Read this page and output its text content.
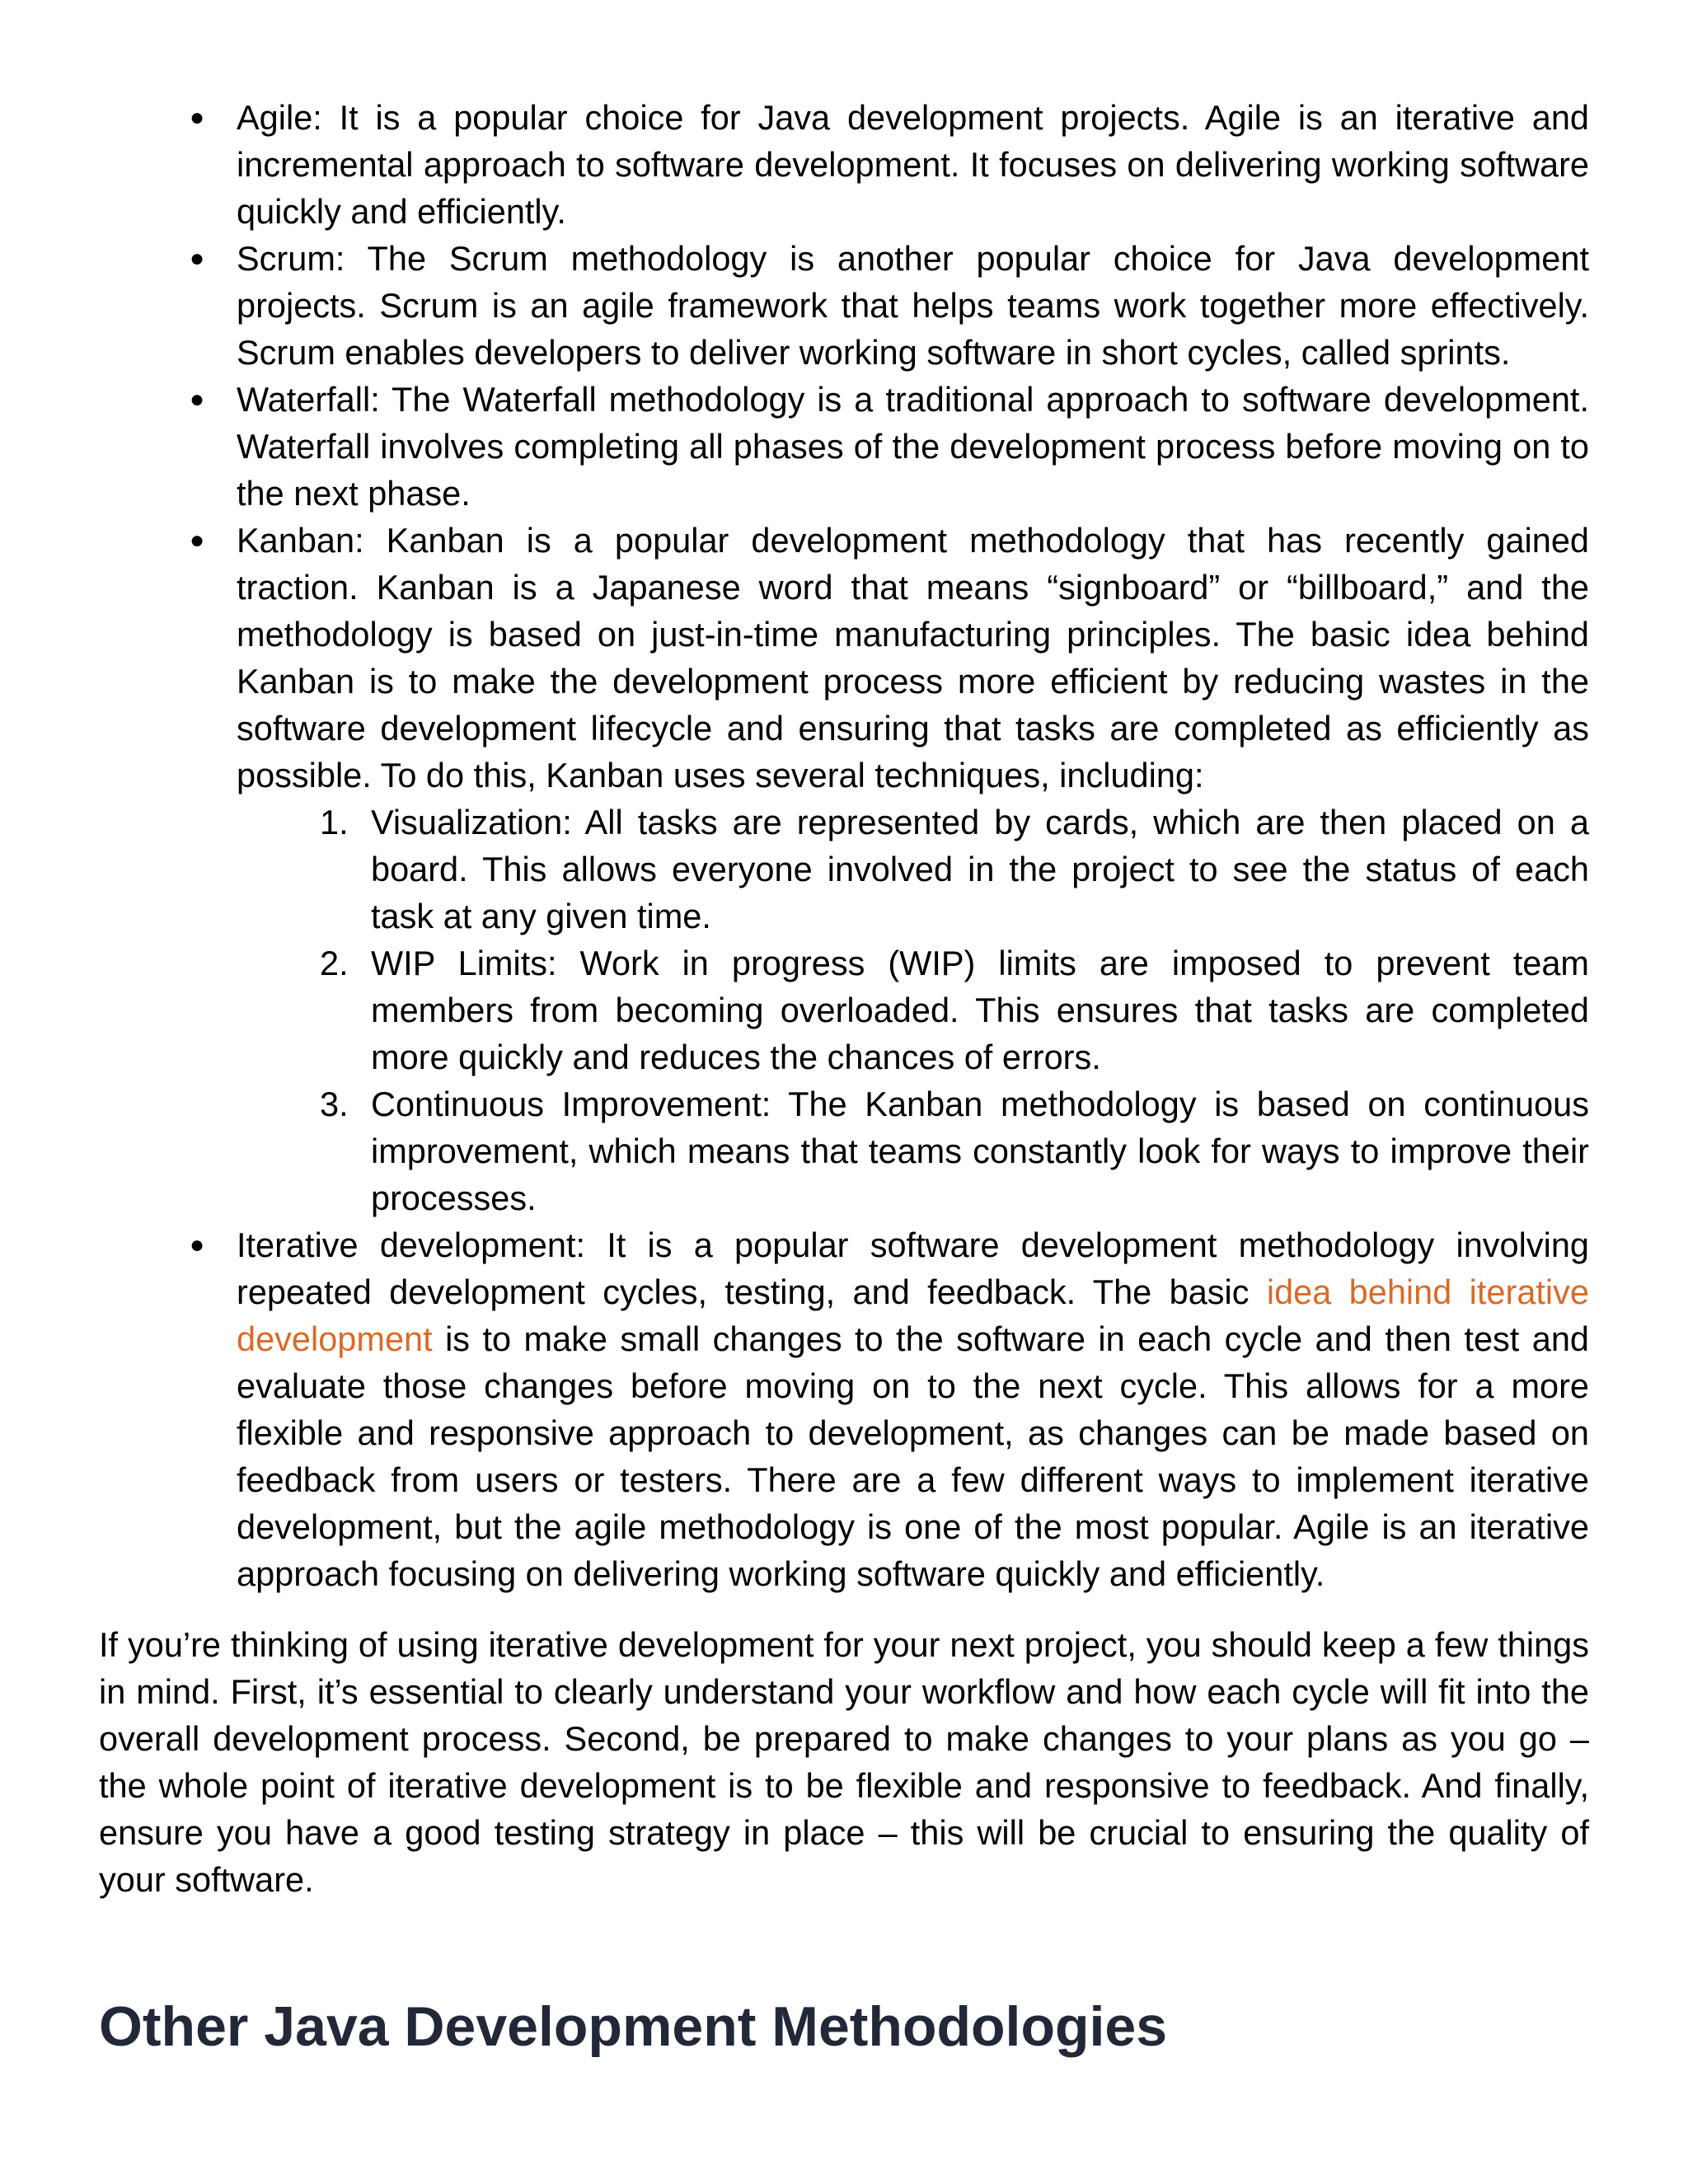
● Agile: It is a popular choice for Java development projects. Agile is an iterative and incremental approach to software development. It focuses on delivering working software quickly and efficiently.
● Scrum: The Scrum methodology is another popular choice for Java development projects. Scrum is an agile framework that helps teams work together more effectively. Scrum enables developers to deliver working software in short cycles, called sprints.
● Waterfall: The Waterfall methodology is a traditional approach to software development. Waterfall involves completing all phases of the development process before moving on to the next phase.
● Kanban: Kanban is a popular development methodology that has recently gained traction. Kanban is a Japanese word that means “signboard” or “billboard,” and the methodology is based on just-in-time manufacturing principles. The basic idea behind Kanban is to make the development process more efficient by reducing wastes in the software development lifecycle and ensuring that tasks are completed as efficiently as possible. To do this, Kanban uses several techniques, including:
1. Visualization: All tasks are represented by cards, which are then placed on a board. This allows everyone involved in the project to see the status of each task at any given time.
2. WIP Limits: Work in progress (WIP) limits are imposed to prevent team members from becoming overloaded. This ensures that tasks are completed more quickly and reduces the chances of errors.
3. Continuous Improvement: The Kanban methodology is based on continuous improvement, which means that teams constantly look for ways to improve their processes.
● Iterative development: It is a popular software development methodology involving repeated development cycles, testing, and feedback. The basic idea behind iterative development is to make small changes to the software in each cycle and then test and evaluate those changes before moving on to the next cycle. This allows for a more flexible and responsive approach to development, as changes can be made based on feedback from users or testers. There are a few different ways to implement iterative development, but the agile methodology is one of the most popular. Agile is an iterative approach focusing on delivering working software quickly and efficiently.

If you’re thinking of using iterative development for your next project, you should keep a few things in mind. First, it’s essential to clearly understand your workflow and how each cycle will fit into the overall development process. Second, be prepared to make changes to your plans as you go – the whole point of iterative development is to be flexible and responsive to feedback. And finally, ensure you have a good testing strategy in place – this will be crucial to ensuring the quality of your software.

Other Java Development Methodologies
